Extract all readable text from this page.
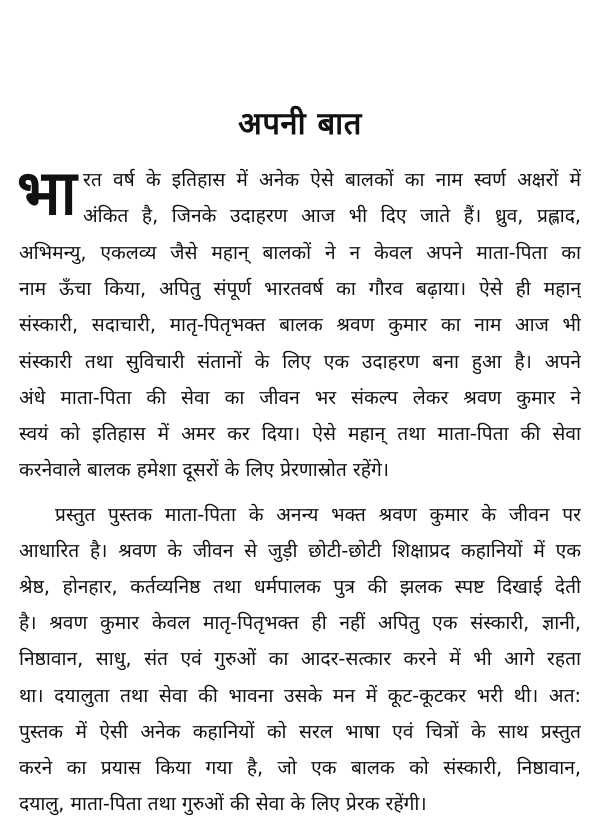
अपनी बात
भा रत वर्ष के इतिहास में अनेक ऐसे बालकों का नाम स्वर्ण अक्षरों में
अंकित है, जिनके उदाहरण आज भी दिए जाते हैं। ध्रुव, प्रह्लाद,
अभिमन्यु, एकलव्य जैसे महान् बालकों ने न केवल अपने माता-पिता का
नाम ऊँचा किया, अपितु संपूर्ण भारतवर्ष का गौरव बढ़ाया। ऐसे ही महान्
संस्कारी, सदाचारी, मातृ-पितृभक्त बालक श्रवण कुमार का नाम आज भी
संस्कारी तथा सुविचारी संतानों के लिए एक उदाहरण बना हुआ है। अपने
अंधे माता-पिता की सेवा का जीवन भर संकल्प लेकर श्रवण कुमार ने
स्वयं को इतिहास में अमर कर दिया। ऐसे महान् तथा माता-पिता की सेवा
करनेवाले बालक हमेशा दूसरों के लिए प्रेरणास्रोत रहेंगे।
प्रस्तुत पुस्तक माता-पिता के अनन्य भक्त श्रवण कुमार के जीवन पर
आधारित है। श्रवण के जीवन से जुड़ी छोटी-छोटी शिक्षाप्रद कहानियों में एक
श्रेष्ठ, होनहार, कर्तव्यनिष्ठ तथा धर्मपालक पुत्र की झलक स्पष्ट दिखाई देती
है। श्रवण कुमार केवल मातृ-पितृभक्त ही नहीं अपितु एक संस्कारी, ज्ञानी,
निष्ठावान, साधु, संत एवं गुरुओं का आदर-सत्कार करने में भी आगे रहता
था। दयालुता तथा सेवा की भावना उसके मन में कूट-कूटकर भरी थी। अत:
पुस्तक में ऐसी अनेक कहानियों को सरल भाषा एवं चित्रों के साथ प्रस्तुत
करने का प्रयास किया गया है, जो एक बालक को संस्कारी, निष्ठावान,
दयालु, माता-पिता तथा गुरुओं की सेवा के लिए प्रेरक रहेंगी।
